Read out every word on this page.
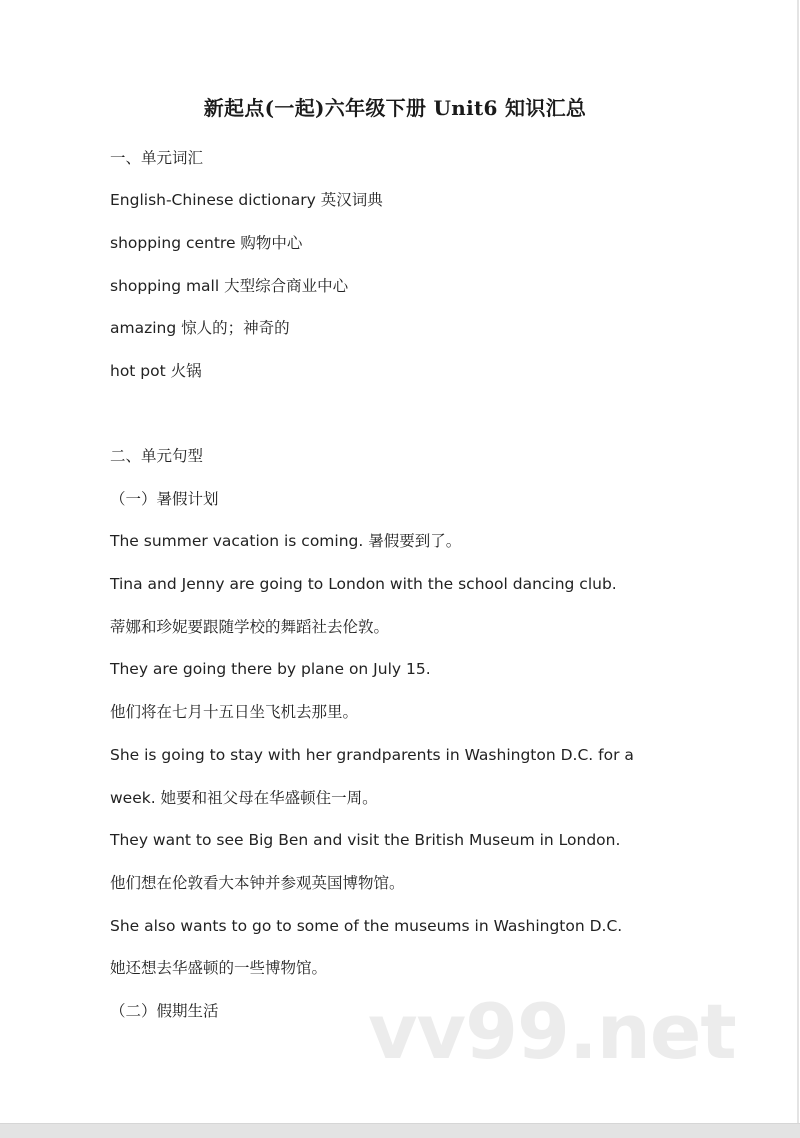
新起点(一起)六年级下册 Unit6 知识汇总
一、单元词汇
English-Chinese dictionary 英汉词典
shopping centre 购物中心
shopping mall 大型综合商业中心
amazing 惊人的；神奇的
hot pot 火锅
二、单元句型
（一）暑假计划
The summer vacation is coming. 暑假要到了。
Tina and Jenny are going to London with the school dancing club.
蒂娜和珍妮要跟随学校的舞蹈社去伦敦。
They are going there by plane on July 15.
他们将在七月十五日坐飞机去那里。
She is going to stay with her grandparents in Washington D.C. for a
week. 她要和祖父母在华盛顿住一周。
They want to see Big Ben and visit the British Museum in London.
他们想在伦敦看大本钟并参观英国博物馆。
She also wants to go to some of the museums in Washington D.C.
她还想去华盛顿的一些博物馆。
（二）假期生活 vv99.net
